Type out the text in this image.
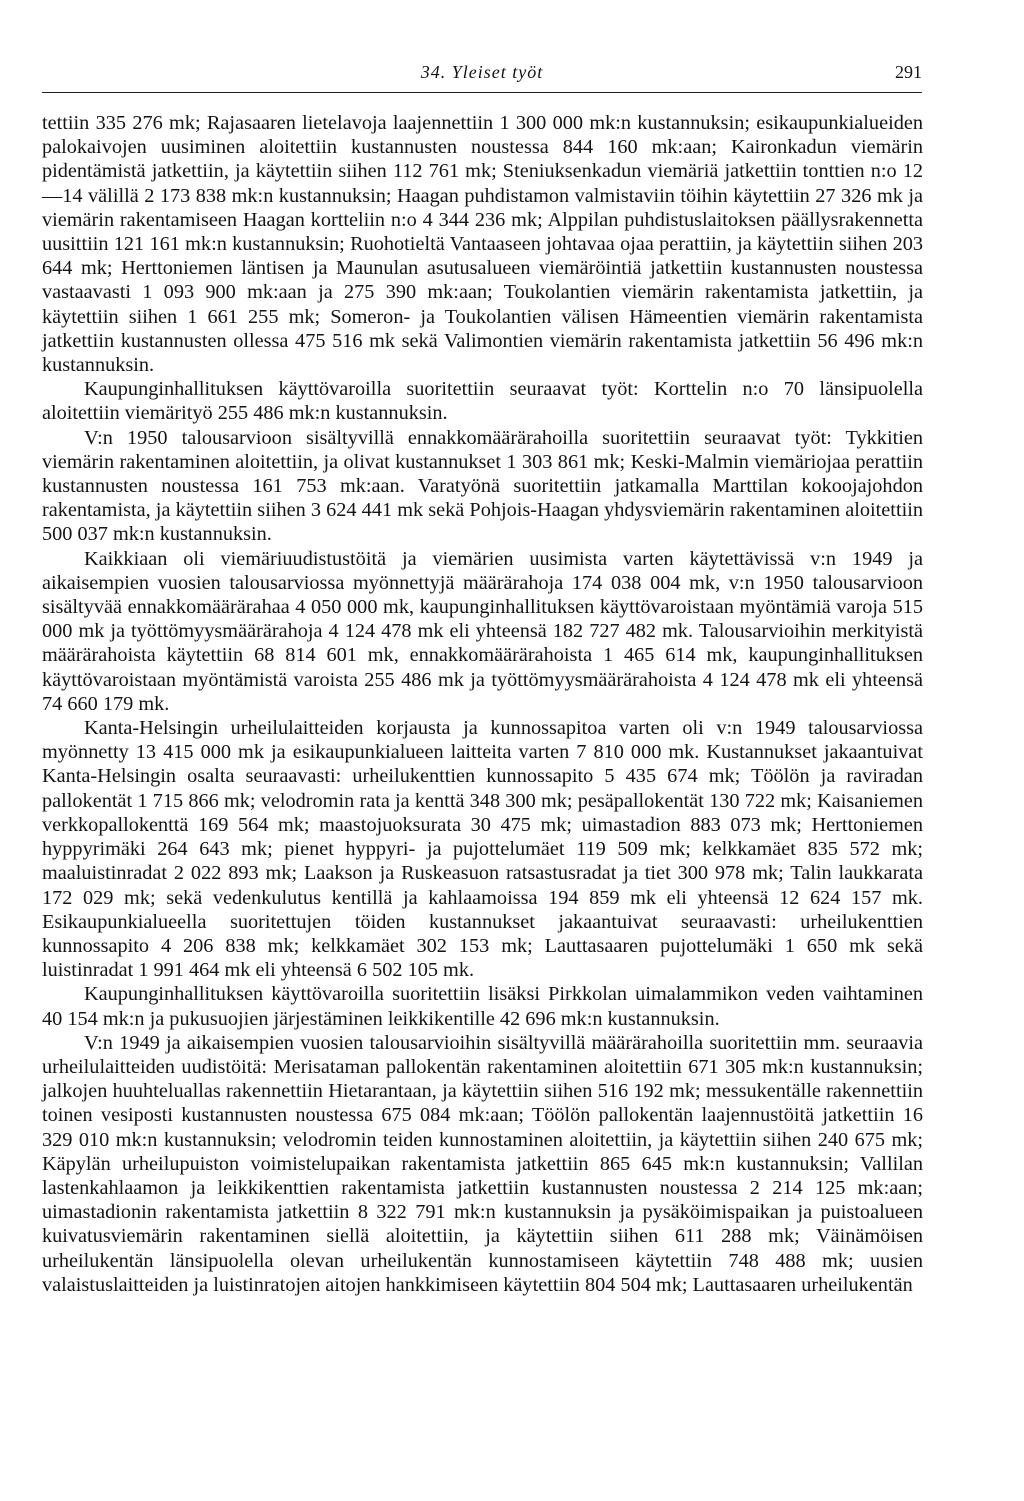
34. Yleiset työt	291

tettiin 335 276 mk; Rajasaaren lietelavoja laajennettiin 1 300 000 mk:n kustannuksin; esikaupunkialueiden palokaivojen uusiminen aloitettiin kustannusten noustessa 844 160 mk:aan; Kaironkadun viemärin pidentämistä jatkettiin, ja käytettiin siihen 112 761 mk; Steniuksenkadun viemäriä jatkettiin tonttien n:o 12—14 välillä 2 173 838 mk:n kustannuksin; Haagan puhdistamon valmistaviin töihin käytettiin 27 326 mk ja viemärin rakentamiseen Haagan kortteliin n:o 4 344 236 mk; Alppilan puhdistuslaitoksen päällysrakennetta uusittiin 121 161 mk:n kustannuksin; Ruohotieltä Vantaaseen johtavaa ojaa perattiin, ja käytettiin siihen 203 644 mk; Herttoniemen läntisen ja Maunulan asutusalueen viemäröintiä jatkettiin kustannusten noustessa vastaavasti 1 093 900 mk:aan ja 275 390 mk:aan; Toukolantien viemärin rakentamista jatkettiin, ja käytettiin siihen 1 661 255 mk; Someron- ja Toukolantien välisen Hämeentien viemärin rakentamista jatkettiin kustannusten ollessa 475 516 mk sekä Valimontien viemärin rakentamista jatkettiin 56 496 mk:n kustannuksin.

Kaupunginhallituksen käyttövaroilla suoritettiin seuraavat työt: Korttelin n:o 70 länsipuolella aloitettiin viemärityö 255 486 mk:n kustannuksin.

V:n 1950 talousarvioon sisältyvillä ennakkomäärärahoilla suoritettiin seuraavat työt: Tykkitien viemärin rakentaminen aloitettiin, ja olivat kustannukset 1 303 861 mk; Keski-Malmin viemäriojaa perattiin kustannusten noustessa 161 753 mk:aan. Varatyönä suoritettiin jatkamalla Marttilan kokoojajohdon rakentamista, ja käytettiin siihen 3 624 441 mk sekä Pohjois-Haagan yhdysviemärin rakentaminen aloitettiin 500 037 mk:n kustannuksin.

Kaikkiaan oli viemäriuudistustöitä ja viemärien uusimista varten käytettävissä v:n 1949 ja aikaisempien vuosien talousarviossa myönnettyjä määrärahoja 174 038 004 mk, v:n 1950 talousarvioon sisältyvää ennakkomäärärahaa 4 050 000 mk, kaupunginhallituksen käyttövaroistaan myöntämiä varoja 515 000 mk ja työttömyysmäärärahoja 4 124 478 mk eli yhteensä 182 727 482 mk. Talousarvioihin merkityistä määrärahoista käytettiin 68 814 601 mk, ennakkomäärärahoista 1 465 614 mk, kaupunginhallituksen käyttövaroistaan myöntämistä varoista 255 486 mk ja työttömyysmäärärahoista 4 124 478 mk eli yhteensä 74 660 179 mk.

Kanta-Helsingin urheilulaitteiden korjausta ja kunnossapitoa varten oli v:n 1949 talousarviossa myönnetty 13 415 000 mk ja esikaupunkialueen laitteita varten 7 810 000 mk. Kustannukset jakaantuivat Kanta-Helsingin osalta seuraavasti: urheilukenttien kunnossapito 5 435 674 mk; Töölön ja raviradan pallokentät 1 715 866 mk; velodromin rata ja kenttä 348 300 mk; pesäpallokentät 130 722 mk; Kaisaniemen verkkopallokenttä 169 564 mk; maastojuoksurata 30 475 mk; uimastadion 883 073 mk; Herttoniemen hyppyrimäki 264 643 mk; pienet hyppyri- ja pujottelumäet 119 509 mk; kelkkamäet 835 572 mk; maaluistinradat 2 022 893 mk; Laakson ja Ruskeasuon ratsastusradat ja tiet 300 978 mk; Talin laukkarata 172 029 mk; sekä vedenkulutus kentillä ja kahlaamoissa 194 859 mk eli yhteensä 12 624 157 mk. Esikaupunkialueella suoritettujen töiden kustannukset jakaantuivat seuraavasti: urheilukenttien kunnossapito 4 206 838 mk; kelkkamäet 302 153 mk; Lauttasaaren pujottelumäki 1 650 mk sekä luistinradat 1 991 464 mk eli yhteensä 6 502 105 mk.

Kaupunginhallituksen käyttövaroilla suoritettiin lisäksi Pirkkolan uimalammikon veden vaihtaminen 40 154 mk:n ja pukusuojien järjestäminen leikkikentille 42 696 mk:n kustannuksin.

V:n 1949 ja aikaisempien vuosien talousarvioihin sisältyvillä määrärahoilla suoritettiin mm. seuraavia urheilulaitteiden uudistöitä: Merisataman pallokentän rakentaminen aloitettiin 671 305 mk:n kustannuksin; jalkojen huuhteluallas rakennettiin Hietarantaan, ja käytettiin siihen 516 192 mk; messukentälle rakennettiin toinen vesiposti kustannusten noustessa 675 084 mk:aan; Töölön pallokentän laajennustöitä jatkettiin 16 329 010 mk:n kustannuksin; velodromin teiden kunnostaminen aloitettiin, ja käytettiin siihen 240 675 mk; Käpylän urheilupuiston voimistelupaikan rakentamista jatkettiin 865 645 mk:n kustannuksin; Vallilan lastenkahlaamon ja leikkikenttien rakentamista jatkettiin kustannusten noustessa 2 214 125 mk:aan; uimastadionin rakentamista jatkettiin 8 322 791 mk:n kustannuksin ja pysäköimispaikan ja puistoalueen kuivatusviemärin rakentaminen siellä aloitettiin, ja käytettiin siihen 611 288 mk; Väinämöisen urheilukentän länsipuolella olevan urheilukentän kunnostamiseen käytettiin 748 488 mk; uusien valaistuslaitteiden ja luistinratojen aitojen hankkimiseen käytettiin 804 504 mk; Lauttasaaren urheilukentän
